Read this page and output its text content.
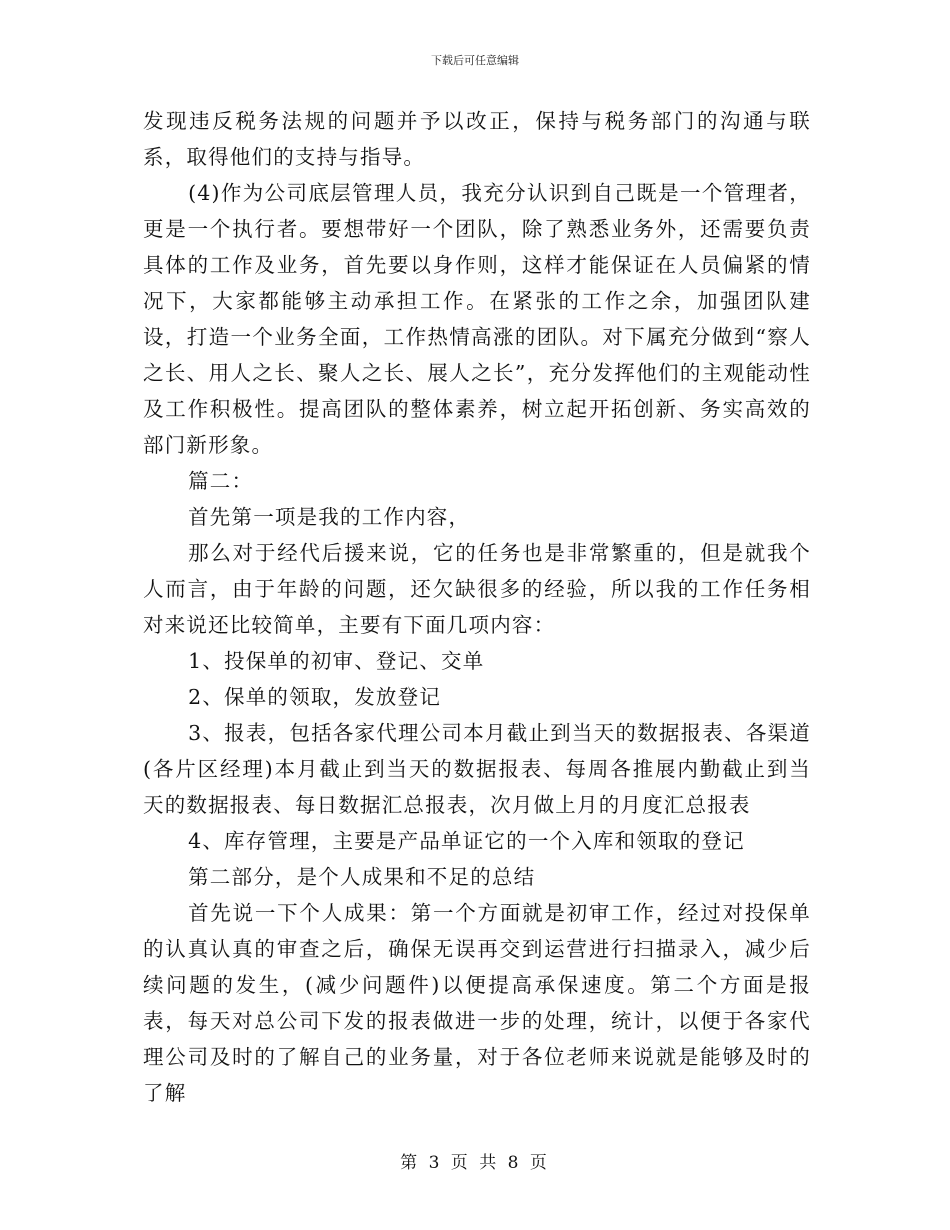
下载后可任意编辑

发现违反税务法规的问题并予以改正，保持与税务部门的沟通与联系，取得他们的支持与指导。

(4)作为公司底层管理人员，我充分认识到自己既是一个管理者，更是一个执行者。要想带好一个团队，除了熟悉业务外，还需要负责具体的工作及业务，首先要以身作则，这样才能保证在人员偏紧的情况下，大家都能够主动承担工作。在紧张的工作之余，加强团队建设，打造一个业务全面，工作热情高涨的团队。对下属充分做到“察人之长、用人之长、聚人之长、展人之长”，充分发挥他们的主观能动性及工作积极性。提高团队的整体素养，树立起开拓创新、务实高效的部门新形象。

篇二：

首先第一项是我的工作内容，

那么对于经代后援来说，它的任务也是非常繁重的，但是就我个人而言，由于年龄的问题，还欠缺很多的经验，所以我的工作任务相对来说还比较简单，主要有下面几项内容：

1、投保单的初审、登记、交单

2、保单的领取，发放登记

3、报表，包括各家代理公司本月截止到当天的数据报表、各渠道(各片区经理)本月截止到当天的数据报表、每周各推展内勤截止到当天的数据报表、每日数据汇总报表，次月做上月的月度汇总报表

4、库存管理，主要是产品单证它的一个入库和领取的登记

第二部分，是个人成果和不足的总结

首先说一下个人成果：第一个方面就是初审工作，经过对投保单的认真认真的审查之后，确保无误再交到运营进行扫描录入，减少后续问题的发生，(减少问题件)以便提高承保速度。第二个方面是报表，每天对总公司下发的报表做进一步的处理，统计，以便于各家代理公司及时的了解自己的业务量，对于各位老师来说就是能够及时的了解

第 3 页 共 8 页
